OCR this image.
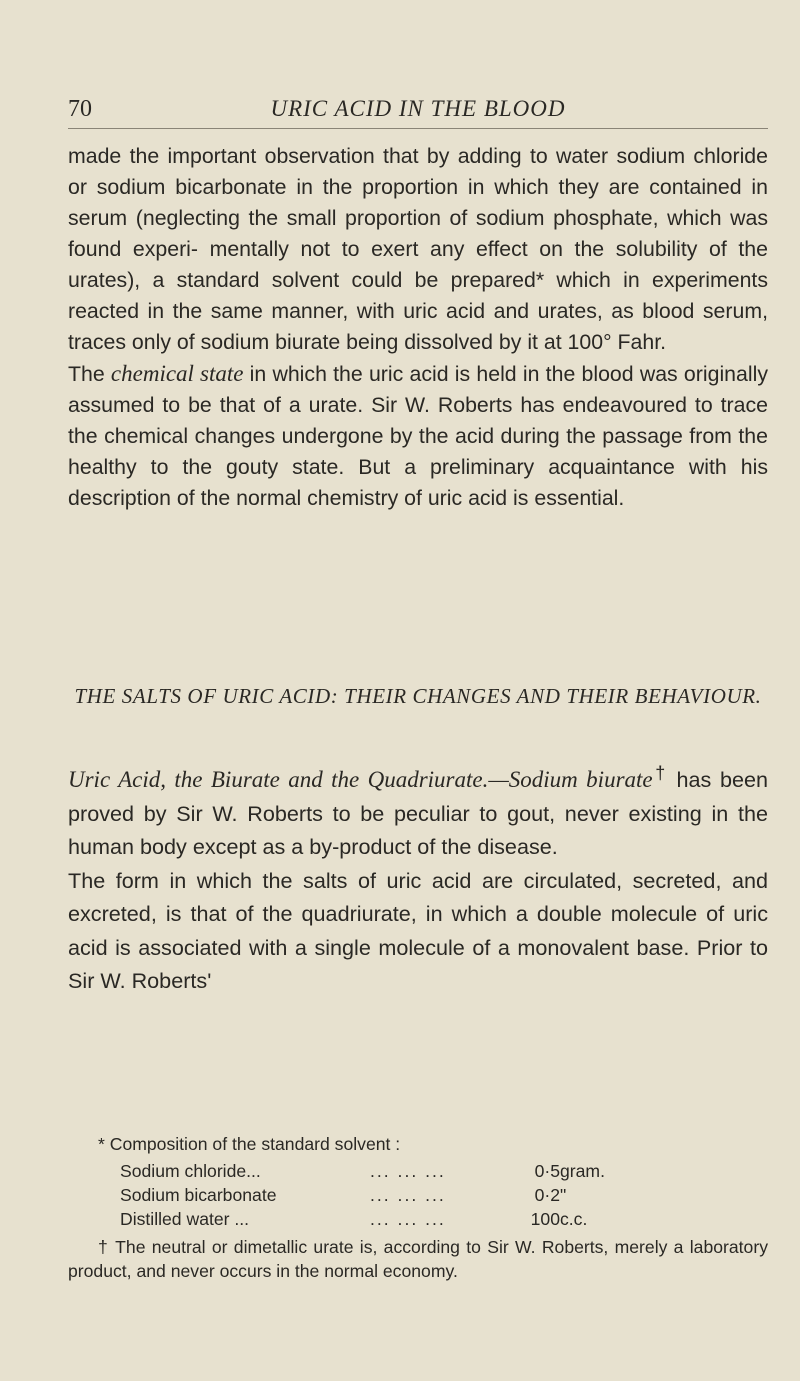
70	URIC ACID IN THE BLOOD

made the important observation that by adding to water sodium chloride or sodium bicarbonate in the proportion in which they are contained in serum (neglecting the small proportion of sodium phosphate, which was found experi- mentally not to exert any effect on the solubility of the urates), a standard solvent could be prepared* which in experiments reacted in the same manner, with uric acid and urates, as blood serum, traces only of sodium biurate being dissolved by it at 100° Fahr.

The chemical state in which the uric acid is held in the blood was originally assumed to be that of a urate. Sir W. Roberts has endeavoured to trace the chemical changes undergone by the acid during the passage from the healthy to the gouty state. But a preliminary acquaintance with his description of the normal chemistry of uric acid is essential.

THE SALTS OF URIC ACID: THEIR CHANGES AND THEIR BEHAVIOUR.

Uric Acid, the Biurate and the Quadriurate.—Sodium biurate† has been proved by Sir W. Roberts to be peculiar to gout, never existing in the human body except as a by-product of the disease.

The form in which the salts of uric acid are circulated, secreted, and excreted, is that of the quadriurate, in which a double molecule of uric acid is associated with a single molecule of a monovalent base. Prior to Sir W. Roberts'

* Composition of the standard solvent :
Sodium chloride...	... ... ...	0·5	gram.
Sodium bicarbonate	... ... ...	0·2	"
Distilled water ...	... ... ...	100	c.c.

† The neutral or dimetallic urate is, according to Sir W. Roberts, merely a laboratory product, and never occurs in the normal economy.
